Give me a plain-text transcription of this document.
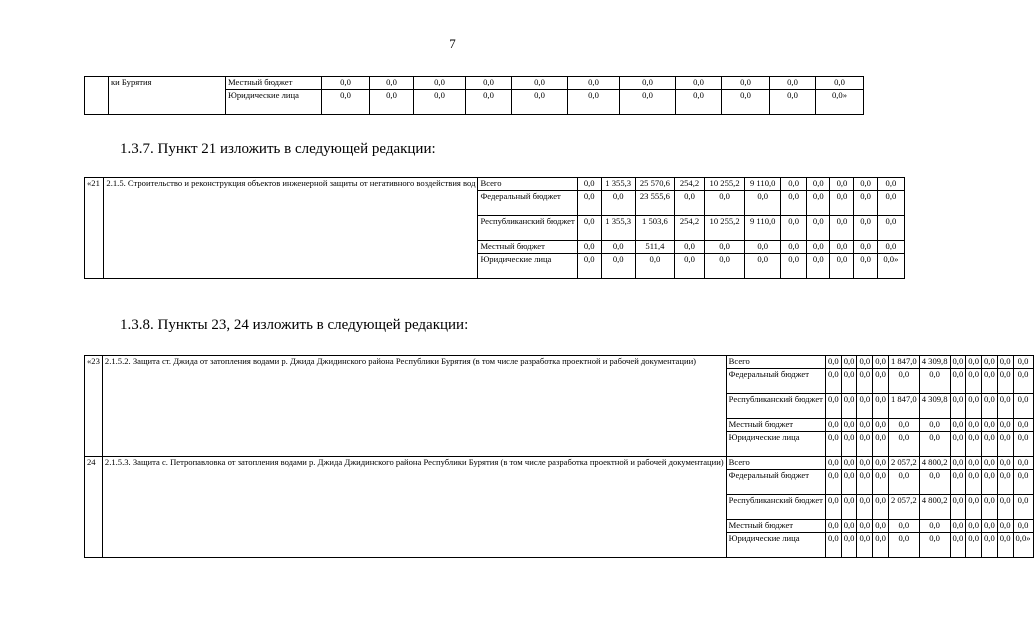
7
	ки Бурятия	Местный бюджет	0,0	0,0	0,0	0,0	0,0	0,0	0,0	0,0	0,0	0,0	0,0
		Юридические лица	0,0	0,0	0,0	0,0	0,0	0,0	0,0	0,0	0,0	0,0	0,0»
1.3.7. Пункт 21 изложить в следующей редакции:
«21	2.1.5. Строительство и реконструкция объектов инженерной защиты от негативного воздействия вод	Всего	0,0	1 355,3	25 570,6	254,2	10 255,2	9 110,0	0,0	0,0	0,0	0,0	0,0
		Федеральный бюджет	0,0	0,0	23 555,6	0,0	0,0	0,0	0,0	0,0	0,0	0,0	0,0
		Республиканский бюджет	0,0	1 355,3	1 503,6	254,2	10 255,2	9 110,0	0,0	0,0	0,0	0,0	0,0
		Местный бюджет	0,0	0,0	511,4	0,0	0,0	0,0	0,0	0,0	0,0	0,0	0,0
		Юридические лица	0,0	0,0	0,0	0,0	0,0	0,0	0,0	0,0	0,0	0,0	0,0»
1.3.8. Пункты 23, 24 изложить в следующей редакции:
«23	2.1.5.2. Защита ст. Джида от затопления водами р. Джида Джидинского района Республики Бурятия (в том числе разработка проектной и рабочей документации)	Всего	0,0	0,0	0,0	0,0	1 847,0	4 309,8	0,0	0,0	0,0	0,0	0,0
		Федеральный бюджет	0,0	0,0	0,0	0,0	0,0	0,0	0,0	0,0	0,0	0,0	0,0
		Республиканский бюджет	0,0	0,0	0,0	0,0	1 847,0	4 309,8	0,0	0,0	0,0	0,0	0,0
		Местный бюджет	0,0	0,0	0,0	0,0	0,0	0,0	0,0	0,0	0,0	0,0	0,0
		Юридические лица	0,0	0,0	0,0	0,0	0,0	0,0	0,0	0,0	0,0	0,0	0,0
24	2.1.5.3. Защита с. Петропавловка от затопления водами р. Джида Джидинского района Республики Бурятия (в том числе разработка проектной и рабочей документации)	Всего	0,0	0,0	0,0	0,0	2 057,2	4 800,2	0,0	0,0	0,0	0,0	0,0
		Федеральный бюджет	0,0	0,0	0,0	0,0	0,0	0,0	0,0	0,0	0,0	0,0	0,0
		Республиканский бюджет	0,0	0,0	0,0	0,0	2 057,2	4 800,2	0,0	0,0	0,0	0,0	0,0
		Местный бюджет	0,0	0,0	0,0	0,0	0,0	0,0	0,0	0,0	0,0	0,0	0,0
		Юридические лица	0,0	0,0	0,0	0,0	0,0	0,0	0,0	0,0	0,0	0,0	0,0»
